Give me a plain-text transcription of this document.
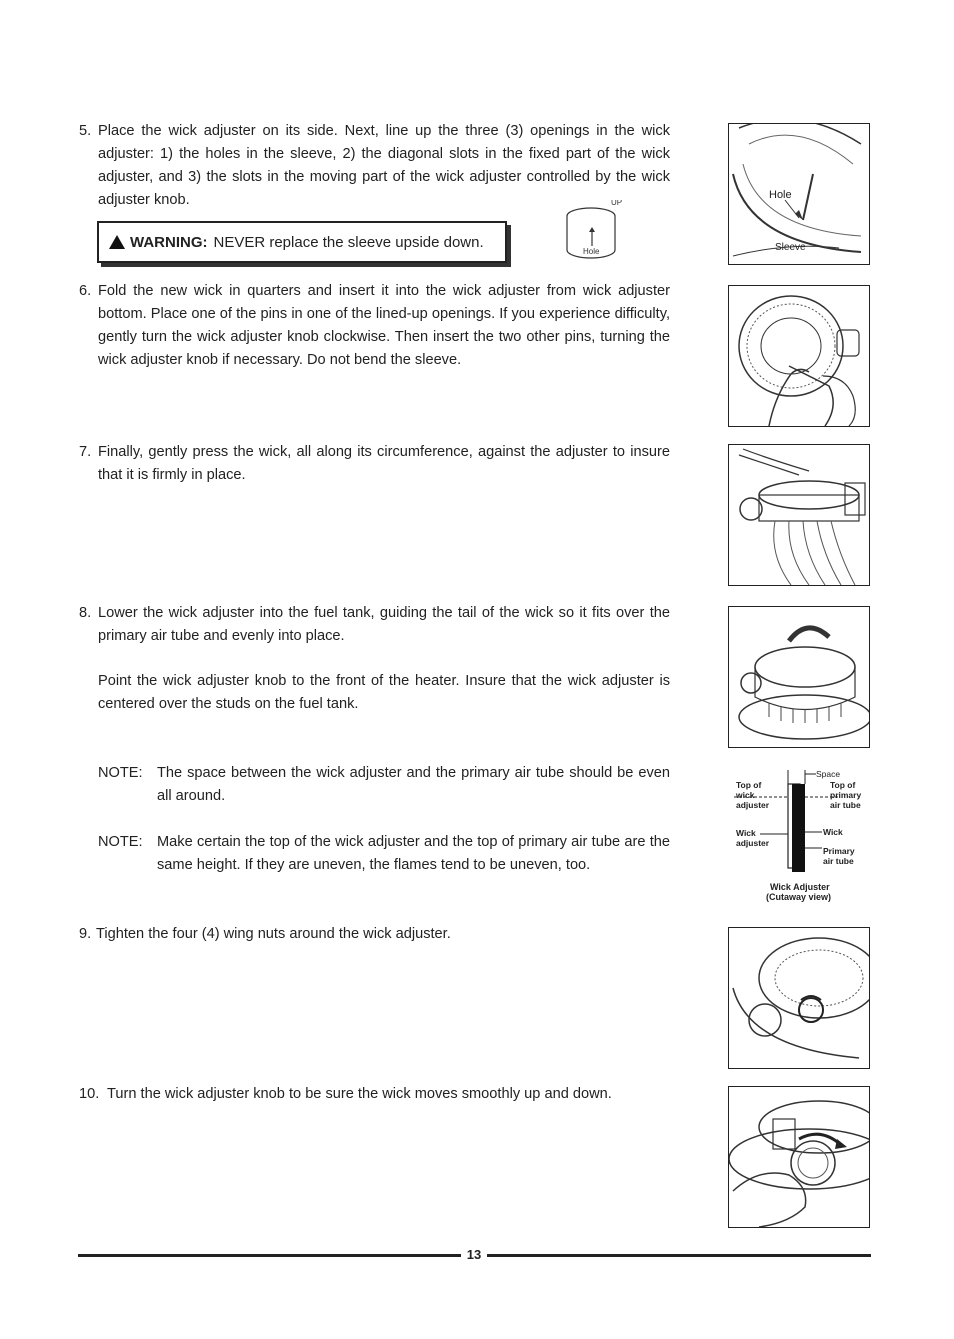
5. Place the wick adjuster on its side. Next, line up the three (3) openings in the wick adjuster: 1) the holes in the sleeve, 2) the diagonal slots in the fixed part of the wick adjuster, and 3) the slots in the moving part of the wick adjuster controlled by the wick adjuster knob.
WARNING: NEVER replace the sleeve upside down.
UP
Hole
Hole
Sleeve
6. Fold the new wick in quarters and insert it into the wick adjuster from wick adjuster bottom. Place one of the pins in one of the lined-up openings. If you experience difficulty, gently turn the wick adjuster knob clockwise. Then insert the two other pins, turning the wick adjuster knob if necessary. Do not bend the sleeve.
7. Finally, gently press the wick, all along its circumference, against the adjuster to insure that it is firmly in place.
8. Lower the wick adjuster into the fuel tank, guiding the tail of the wick so it fits over the primary air tube and evenly into place.
Point the wick adjuster knob to the front of the heater. Insure that the wick adjuster is centered over the studs on the fuel tank.
NOTE: The space between the wick adjuster and the primary air tube should be even all around.
NOTE: Make certain the top of the wick adjuster and the top of primary air tube are the same height. If they are uneven, the flames tend to be uneven, too.
Space
Top of
wick
adjuster
Top of
primary
air tube
Wick
adjuster
Wick
Primary
air tube
Wick Adjuster
(Cutaway view)
9. Tighten the four (4) wing nuts around the wick adjuster.
10. Turn the wick adjuster knob to be sure the wick moves smoothly up and down.
13
